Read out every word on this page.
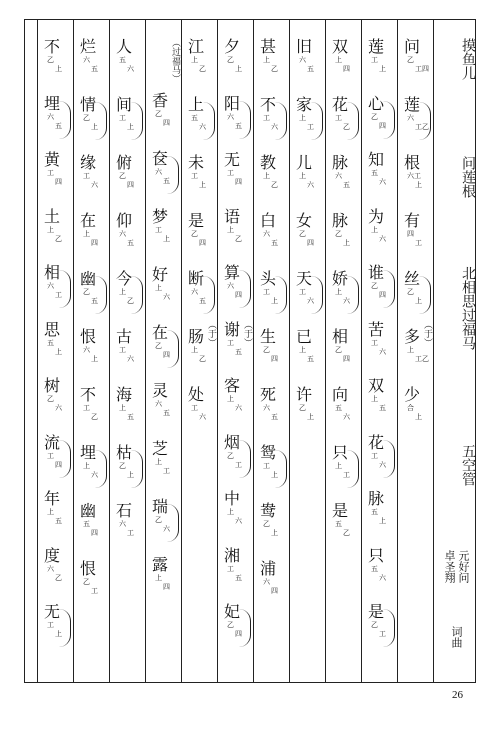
摸鱼儿
问莲根
北相思过福马
五空管
元好问
卓圣翔
词曲
（于）
问
乙
工四
莲
六
工乙
根
六工
上
有
四
工
丝
乙
上
多
上
工乙
少
合
上
莲
工
上
心
乙
四
知
五
六
为
上
六
谁
乙
四
苦
工
六
双
上
五
花
工
六
脉
五
上
只
五
六
是
乙
工
双
上
四
花
工
乙
脉
六
五
脉
乙
上
娇
上
六
相
乙
四
向
五
六
只
上
工
是
五
乙
旧
六
五
家
上
工
儿
上
六
女
乙
四
天
工
六
已
上
五
许
乙
上
甚
上
乙
不
工
六
教
上
乙
白
六
五
头
工
上
生
乙
四
死
六
五
鸳
工
上
鸯
乙
上
浦
六
四
（于）
夕
乙
上
阳
六
五
无
工
四
语
上
乙
算
六
四
谢
工
五
客
上
六
烟
乙
工
中
上
六
湘
工
五
妃
乙
四
（于）
江
上
乙
上
五
六
未
工
上
是
乙
四
断
六
五
肠
上
乙
处
工
六
（过福马）
香
乙
四
奁
六
五
梦
工
上
好
上
六
在
乙
四
灵
六
五
芝
上
工
瑞
乙
六
露
上
四
人
五
六
间
工
上
俯
乙
四
仰
六
五
今
上
乙
古
工
六
海
上
五
枯
乙
上
石
六
工
烂
六
五
情
乙
上
缘
工
六
在
上
四
幽
乙
五
恨
六
上
不
工
乙
埋
上
六
幽
五
四
恨
乙
工
不
乙
上
埋
六
五
黄
工
四
土
上
乙
相
六
工
思
五
上
树
乙
六
流
工
四
年
上
五
度
六
乙
无
工
上
26
